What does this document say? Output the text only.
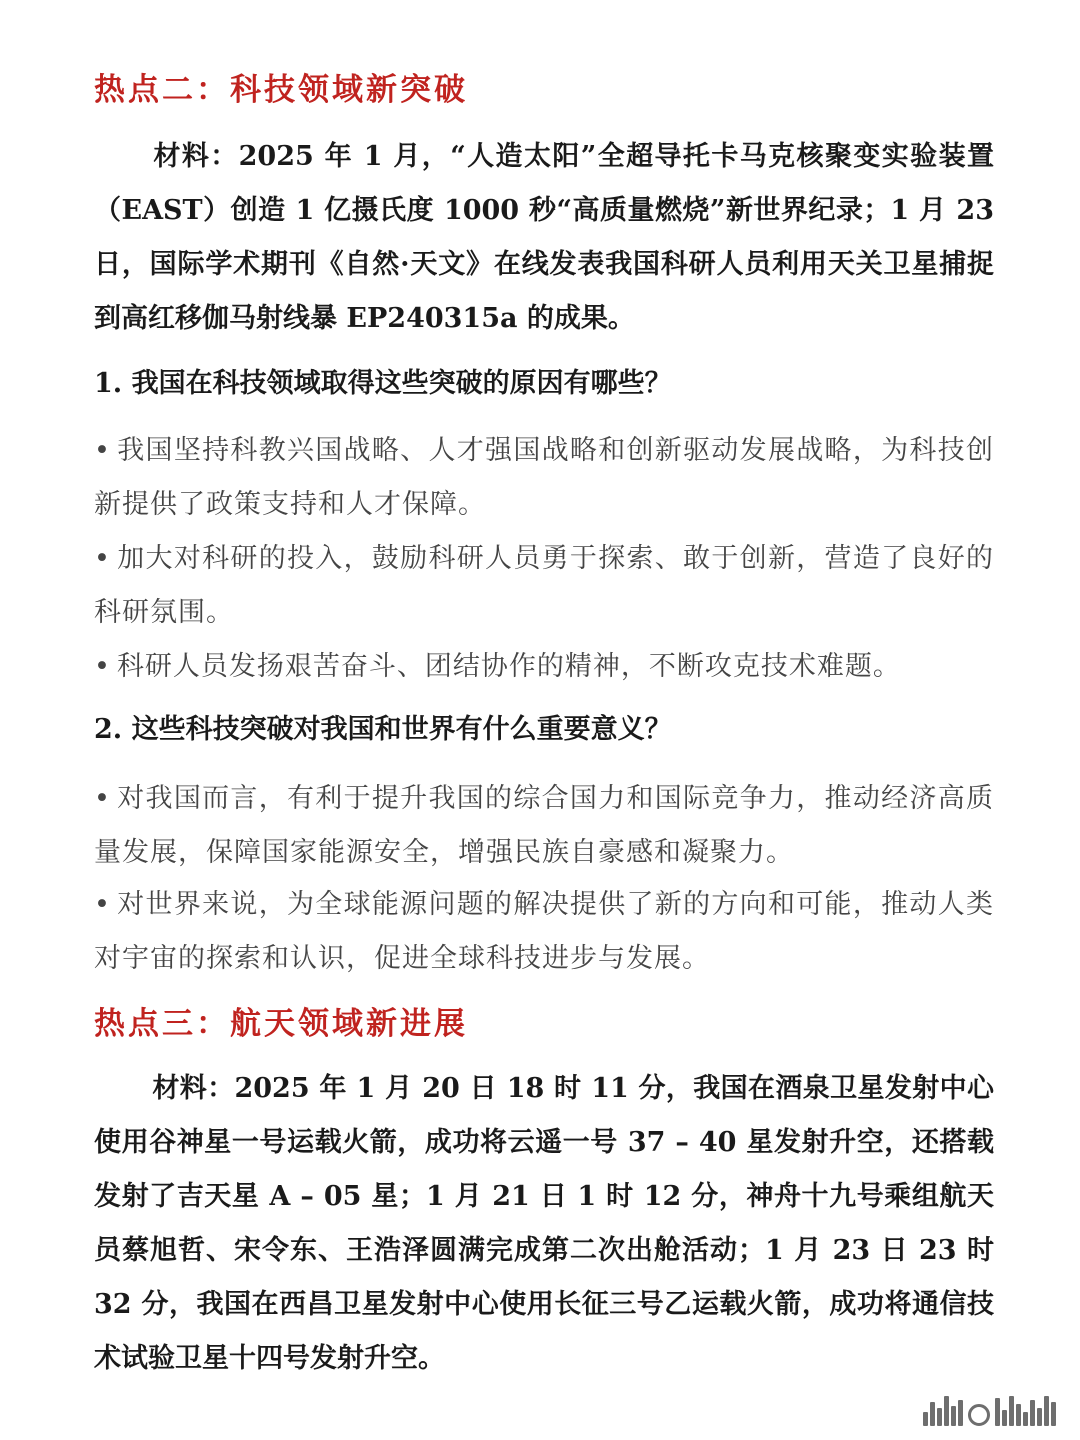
热点二：科技领域新突破

材料：2025 年 1 月，“人造太阳”全超导托卡马克核聚变实验装置（EAST）创造 1 亿摄氏度 1000 秒“高质量燃烧”新世界纪录；1 月 23 日，国际学术期刊《自然·天文》在线发表我国科研人员利用天关卫星捕捉到高红移伽马射线暴 EP240315a 的成果。

1. 我国在科技领域取得这些突破的原因有哪些？

• 我国坚持科教兴国战略、人才强国战略和创新驱动发展战略，为科技创新提供了政策支持和人才保障。

• 加大对科研的投入，鼓励科研人员勇于探索、敢于创新，营造了良好的科研氛围。

• 科研人员发扬艰苦奋斗、团结协作的精神，不断攻克技术难题。

2. 这些科技突破对我国和世界有什么重要意义？

• 对我国而言，有利于提升我国的综合国力和国际竞争力，推动经济高质量发展，保障国家能源安全，增强民族自豪感和凝聚力。

• 对世界来说，为全球能源问题的解决提供了新的方向和可能，推动人类对宇宙的探索和认识，促进全球科技进步与发展。

热点三：航天领域新进展

材料：2025 年 1 月 20 日 18 时 11 分，我国在酒泉卫星发射中心使用谷神星一号运载火箭，成功将云遥一号 37 – 40 星发射升空，还搭载发射了吉天星 A – 05 星；1 月 21 日 1 时 12 分，神舟十九号乘组航天员蔡旭哲、宋令东、王浩泽圆满完成第二次出舱活动；1 月 23 日 23 时 32 分，我国在西昌卫星发射中心使用长征三号乙运载火箭，成功将通信技术试验卫星十四号发射升空。
